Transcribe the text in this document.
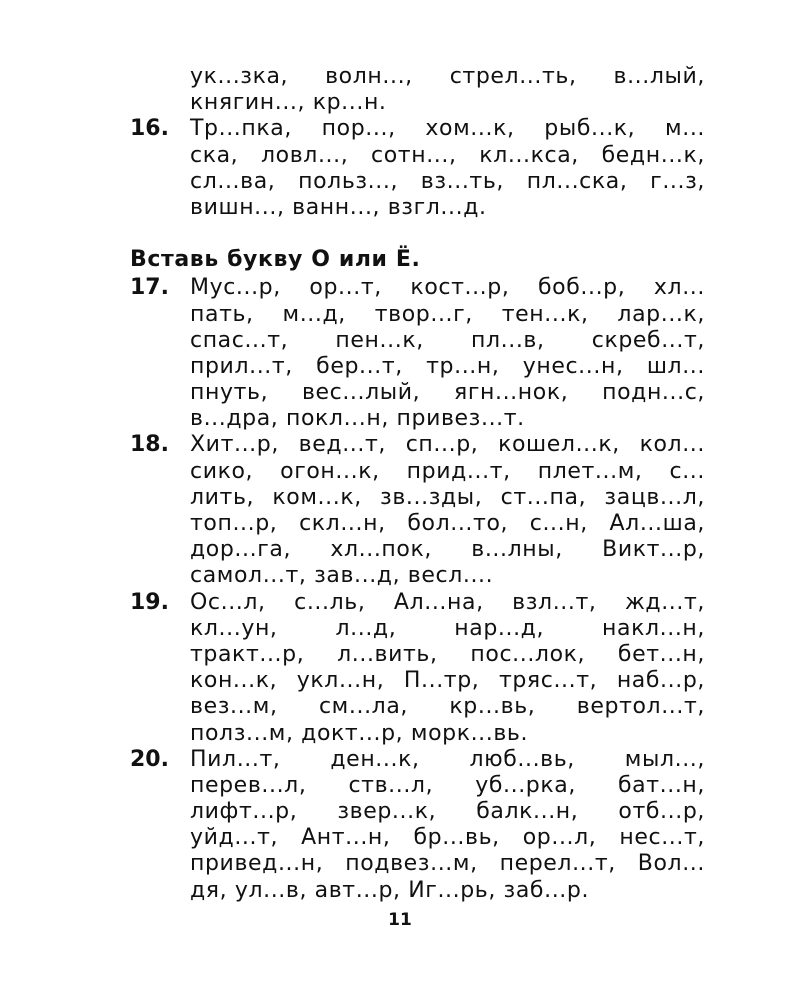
ук...зка, волн..., стрел...ть, в...лый,
княгин..., кр...н.
16. Тр...пка, пор..., хом...к, рыб...к, м...
ска, ловл..., сотн..., кл...кса, бедн...к,
сл...ва, польз..., вз...ть, пл...ска, г...з,
вишн..., ванн..., взгл...д.
Вставь букву О или Ё.
17. Мус...р, ор...т, кост...р, боб...р, хл...
пать, м...д, твор...г, тен...к, лар...к,
спас...т, пен...к, пл...в, скреб...т,
прил...т, бер...т, тр...н, унес...н, шл...
пнуть, вес...лый, ягн...нок, подн...с,
в...дра, покл...н, привез...т.
18. Хит...р, вед...т, сп...р, кошел...к, кол...
сико, огон...к, прид...т, плет...м, с...
лить, ком...к, зв...зды, ст...па, зацв...л,
топ...р, скл...н, бол...то, с...н, Ал...ша,
дор...га, хл...пок, в...лны, Викт...р,
самол...т, зав...д, весл....
19. Ос...л, с...ль, Ал...на, взл...т, жд...т,
кл...ун, л...д, нар...д, накл...н,
тракт...р, л...вить, пос...лок, бет...н,
кон...к, укл...н, П...тр, тряс...т, наб...р,
вез...м, см...ла, кр...вь, вертол...т,
полз...м, докт...р, морк...вь.
20. Пил...т, ден...к, люб...вь, мыл...,
перев...л, ств...л, уб...рка, бат...н,
лифт...р, звер...к, балк...н, отб...р,
уйд...т, Ант...н, бр...вь, ор...л, нес...т,
привед...н, подвез...м, перел...т, Вол...
дя, ул...в, авт...р, Иг...рь, заб...р.
11
